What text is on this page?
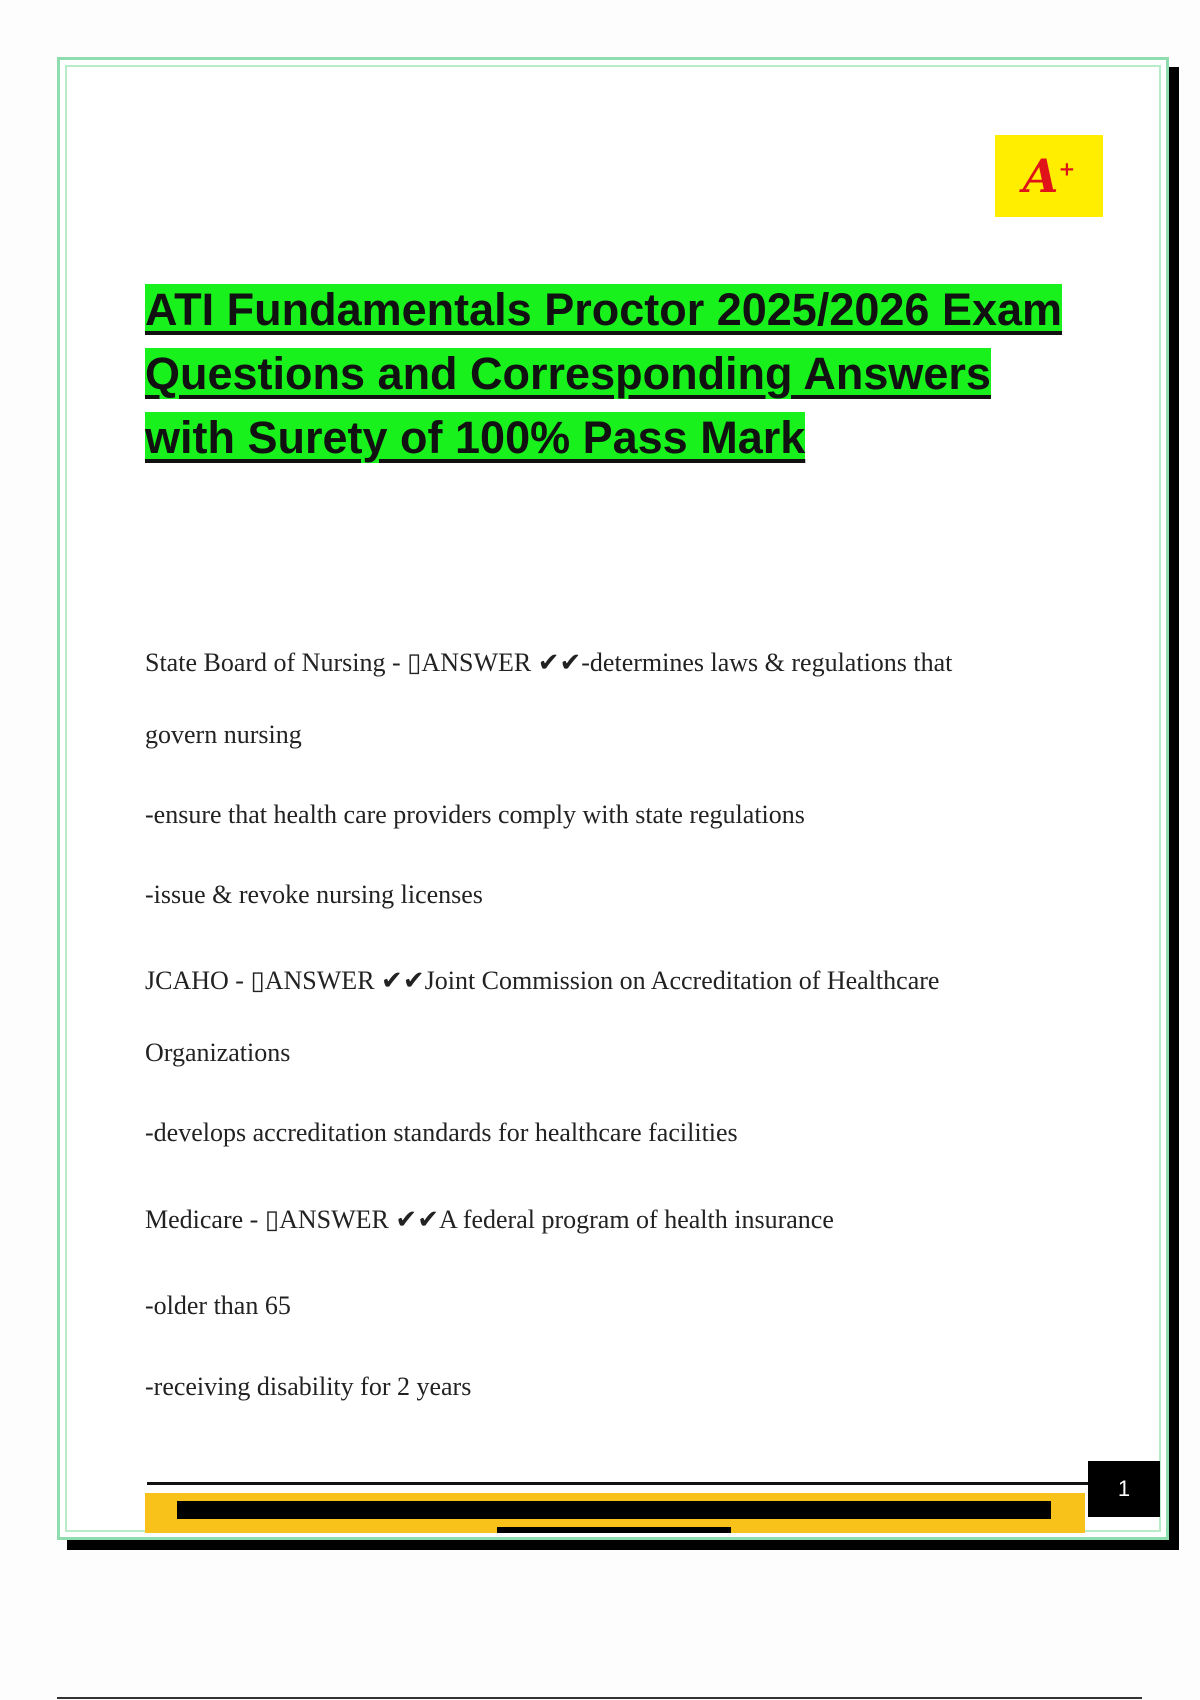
A+
ATI Fundamentals Proctor 2025/2026 Exam Questions and Corresponding Answers with Surety of 100% Pass Mark
State Board of Nursing - ▯ANSWER ✔✔-determines laws & regulations that
govern nursing
-ensure that health care providers comply with state regulations
-issue & revoke nursing licenses
JCAHO - ▯ANSWER ✔✔Joint Commission on Accreditation of Healthcare
Organizations
-develops accreditation standards for healthcare facilities
Medicare - ▯ANSWER ✔✔A federal program of health insurance
-older than 65
-receiving disability for 2 years
1
